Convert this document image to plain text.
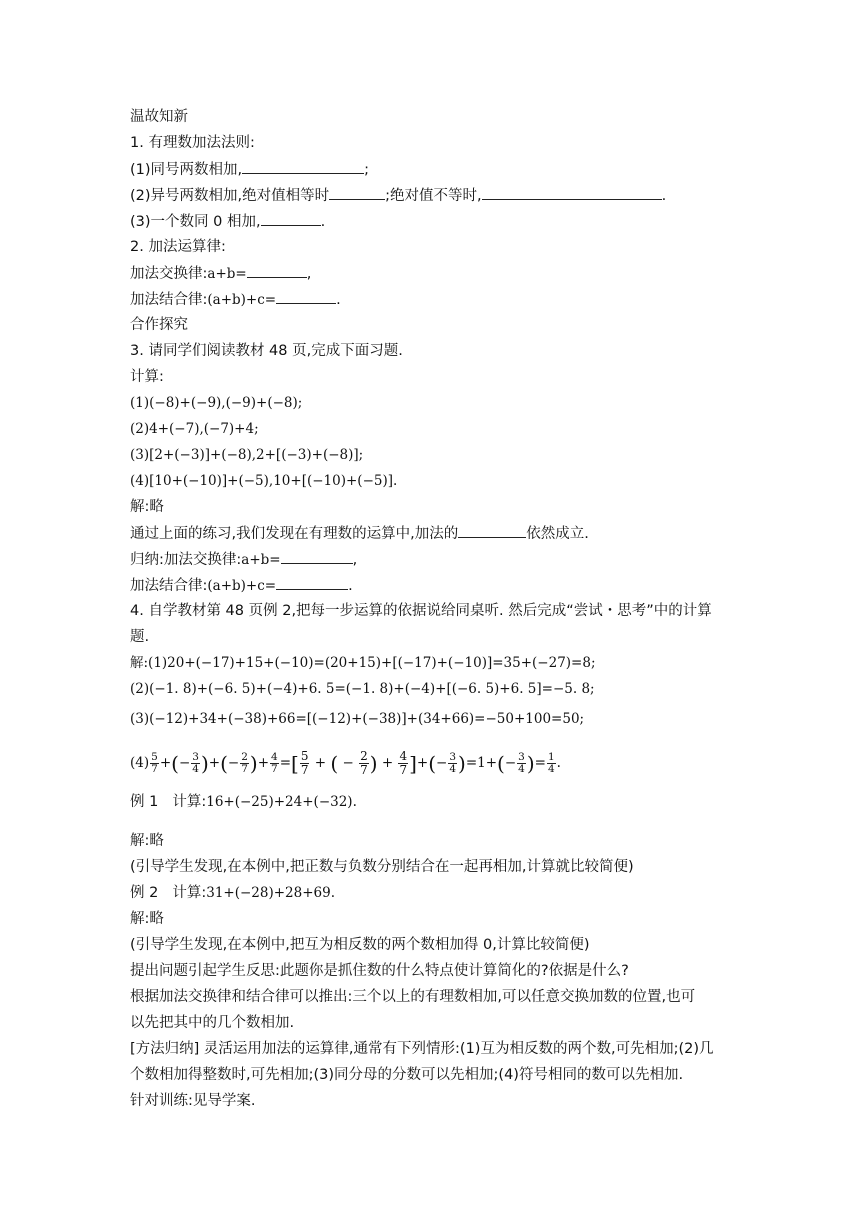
温故知新
1. 有理数加法法则:
(1)同号两数相加,	;
(2)异号两数相加,绝对值相等时	;绝对值不等时,	.
(3)一个数同 0 相加,	.
2. 加法运算律:
加法交换律:a+b=	,
加法结合律:(a+b)+c=	.
合作探究
3. 请同学们阅读教材 48 页,完成下面习题.
计算:
(1)(−8)+(−9),(−9)+(−8);
(2)4+(−7),(−7)+4;
(3)[2+(−3)]+(−8),2+[(−3)+(−8)];
(4)[10+(−10)]+(−5),10+[(−10)+(−5)].
解:略
通过上面的练习,我们发现在有理数的运算中,加法的	依然成立.
归纳:加法交换律:a+b=	,
加法结合律:(a+b)+c=	.
4. 自学教材第 48 页例 2,把每一步运算的依据说给同桌听. 然后完成“尝试・思考”中的计算
题.
解:(1)20+(−17)+15+(−10)=(20+15)+[(−17)+(−10)]=35+(−27)=8;
(2)(−1. 8)+(−6. 5)+(−4)+6. 5=(−1. 8)+(−4)+[(−6. 5)+6. 5]=−5. 8;
(3)(−12)+34+(−38)+66=[(−12)+(−38)]+(34+66)=−50+100=50;
$(4) \frac{5}{7}$ +(− $\frac{3}{4}$ )+(− $\frac{2}{7}$ )+ $\frac{4}{7}$ =[ $\frac{5}{7}$ + ( − $\frac{2}{7}$ ) + $\frac{4}{7}$ ]+(− $\frac{3}{4} )=1+(- \frac{3}{4}$ )= $\frac{1}{4}$ .
例 1 计算:16+(−25)+24+(−32).
解:略
(引导学生发现,在本例中,把正数与负数分别结合在一起再相加,计算就比较简便)
例 2 计算:31+(−28)+28+69.
解:略
(引导学生发现,在本例中,把互为相反数的两个数相加得 0,计算比较简便)
提出问题引起学生反思:此题你是抓住数的什么特点使计算简化的?依据是什么?
根据加法交换律和结合律可以推出:三个以上的有理数相加,可以任意交换加数的位置,也可
以先把其中的几个数相加.
[方法归纳] 灵活运用加法的运算律,通常有下列情形:(1)互为相反数的两个数,可先相加;(2)几
个数相加得整数时,可先相加;(3)同分母的分数可以先相加;(4)符号相同的数可以先相加.
针对训练:见导学案.
